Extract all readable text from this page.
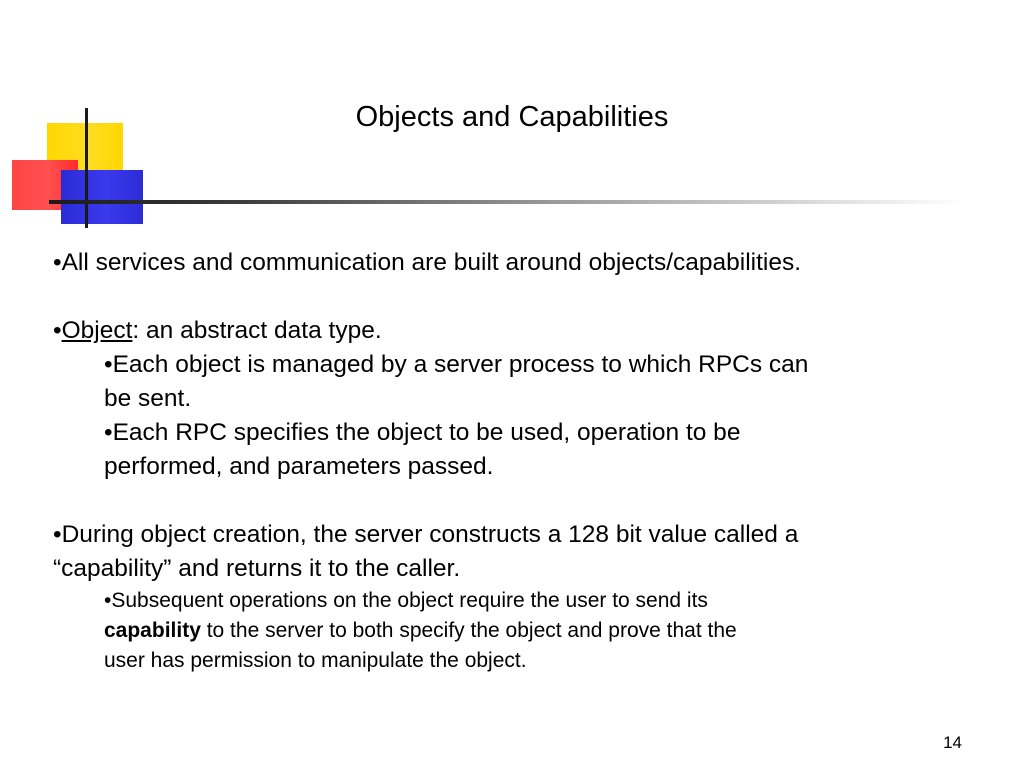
Objects and Capabilities

•All services and communication are built around objects/capabilities.

•Object: an abstract data type.

•Each object is managed by a server process to which RPCs can

be sent.

•Each RPC specifies the object to be used, operation to be

performed, and parameters passed.

•During object creation, the server constructs a 128 bit value called a

“capability” and returns it to the caller.

•Subsequent operations on the object require the user to send its

capability to the server to both specify the object and prove that the

user has permission to manipulate the object.

14
